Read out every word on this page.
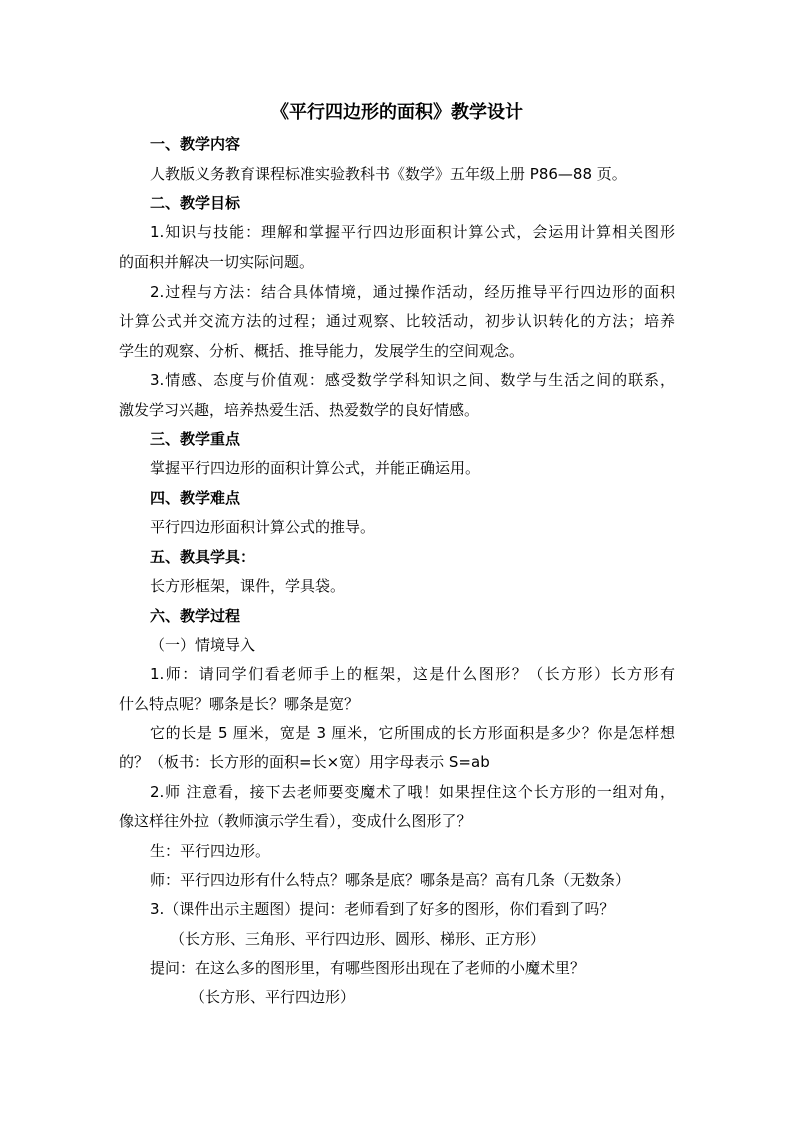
《平行四边形的面积》教学设计
一、教学内容
人教版义务教育课程标准实验教科书《数学》五年级上册 P86—88 页。
二、教学目标
1.知识与技能：理解和掌握平行四边形面积计算公式，会运用计算相关图形
的面积并解决一切实际问题。
2.过程与方法：结合具体情境，通过操作活动，经历推导平行四边形的面积
计算公式并交流方法的过程；通过观察、比较活动，初步认识转化的方法；培养
学生的观察、分析、概括、推导能力，发展学生的空间观念。
3.情感、态度与价值观：感受数学学科知识之间、数学与生活之间的联系，
激发学习兴趣，培养热爱生活、热爱数学的良好情感。
三、教学重点
掌握平行四边形的面积计算公式，并能正确运用。
四、教学难点
平行四边形面积计算公式的推导。
五、教具学具：
长方形框架，课件，学具袋。
六、教学过程
（一）情境导入
1.师：请同学们看老师手上的框架，这是什么图形？（长方形）长方形有
什么特点呢？哪条是长？哪条是宽？
它的长是 5 厘米，宽是 3 厘米，它所围成的长方形面积是多少？你是怎样想
的？（板书：长方形的面积=长×宽）用字母表示 S=ab
2.师 注意看，接下去老师要变魔术了哦！如果捏住这个长方形的一组对角，
像这样往外拉（教师演示学生看），变成什么图形了？
生：平行四边形。
师：平行四边形有什么特点？哪条是底？哪条是高？高有几条（无数条）
3.（课件出示主题图）提问：老师看到了好多的图形，你们看到了吗？
（长方形、三角形、平行四边形、圆形、梯形、正方形）
提问：在这么多的图形里，有哪些图形出现在了老师的小魔术里？
（长方形、平行四边形）
